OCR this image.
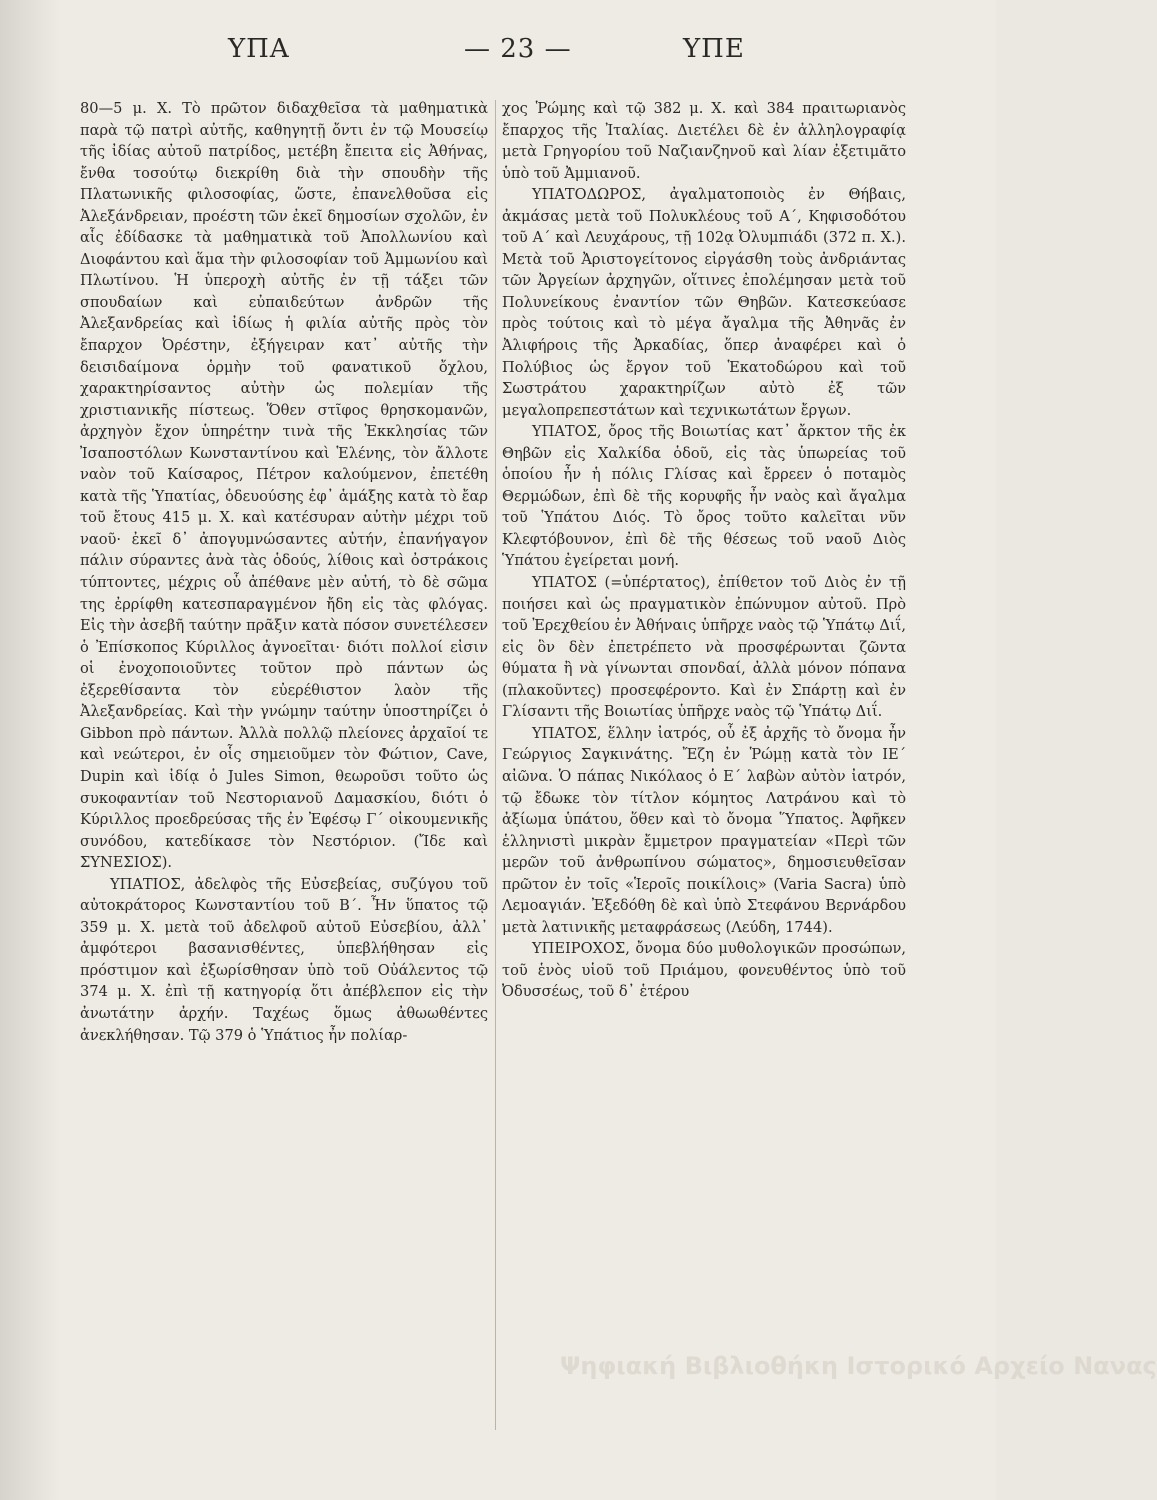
ΥΠΑ	— 23 —	ΥΠΕ

80—5 μ. Χ. Τὸ πρῶτον διδαχθεῖσα τὰ μαθηματικὰ παρὰ τῷ πατρὶ αὐτῆς, καθηγητῇ ὄντι ἐν τῷ Μουσείῳ τῆς ἰδίας αὐτοῦ πατρίδος, μετέβη ἔπειτα εἰς Ἀθήνας, ἔνθα τοσούτῳ διεκρίθη διὰ τὴν σπουδὴν τῆς Πλατωνικῆς φιλοσοφίας, ὥστε, ἐπανελθοῦσα εἰς Ἀλεξάνδρειαν, προέστη τῶν ἐκεῖ δημοσίων σχολῶν, ἐν αἷς ἐδίδασκε τὰ μαθηματικὰ τοῦ Ἀπολλωνίου καὶ Διοφάντου καὶ ἅμα τὴν φιλοσοφίαν τοῦ Ἀμμωνίου καὶ Πλωτίνου. Ἡ ὑπεροχὴ αὐτῆς ἐν τῇ τάξει τῶν σπουδαίων καὶ εὐπαιδεύτων ἀνδρῶν τῆς Ἀλεξανδρείας καὶ ἰδίως ἡ φιλία αὐτῆς πρὸς τὸν ἔπαρχον Ὀρέστην, ἐξήγειραν κατ᾽ αὐτῆς τὴν δεισιδαίμονα ὁρμὴν τοῦ φανατικοῦ ὄχλου, χαρακτηρίσαντος αὐτὴν ὡς πολεμίαν τῆς χριστιανικῆς πίστεως. Ὅθεν στῖφος θρησκομανῶν, ἀρχηγὸν ἔχον ὑπηρέτην τινὰ τῆς Ἐκκλησίας τῶν Ἰσαποστόλων Κωνσταντίνου καὶ Ἑλένης, τὸν ἄλλοτε ναὸν τοῦ Καίσαρος, Πέτρον καλούμενον, ἐπετέθη κατὰ τῆς Ὑπατίας, ὁδευούσης ἐφ᾽ ἁμάξης κατὰ τὸ ἔαρ τοῦ ἔτους 415 μ. Χ. καὶ κατέσυραν αὐτὴν μέχρι τοῦ ναοῦ· ἐκεῖ δ᾽ ἀπογυμνώσαντες αὐτήν, ἐπανήγαγον πάλιν σύραντες ἀνὰ τὰς ὁδούς, λίθοις καὶ ὀστράκοις τύπτοντες, μέχρις οὗ ἀπέθανε μὲν αὐτή, τὸ δὲ σῶμα της ἐρρίφθη κατεσπαραγμένον ἤδη εἰς τὰς φλόγας. Εἰς τὴν ἀσεβῆ ταύτην πρᾶξιν κατὰ πόσον συνετέλεσεν ὁ Ἐπίσκοπος Κύριλλος ἀγνοεῖται· διότι πολλοί εἰσιν οἱ ἐνοχοποιοῦντες τοῦτον πρὸ πάντων ὡς ἐξερεθίσαντα τὸν εὐερέθιστον λαὸν τῆς Ἀλεξανδρείας. Καὶ τὴν γνώμην ταύτην ὑποστηρίζει ὁ Gibbon πρὸ πάντων. Ἀλλὰ πολλῷ πλείονες ἀρχαῖοί τε καὶ νεώτεροι, ἐν οἷς σημειοῦμεν τὸν Φώτιον, Cave, Dupin καὶ ἰδίᾳ ὁ Jules Simon, θεωροῦσι τοῦτο ὡς συκοφαντίαν τοῦ Νεστοριανοῦ Δαμασκίου, διότι ὁ Κύριλλος προεδρεύσας τῆς ἐν Ἐφέσῳ Γ´ οἰκουμενικῆς συνόδου, κατεδίκασε τὸν Νεστόριον. (Ἴδε καὶ ΣΥΝΕΣΙΟΣ).

ΥΠΑΤΙΟΣ, ἀδελφὸς τῆς Εὐσεβείας, συζύγου τοῦ αὐτοκράτορος Κωνσταντίου τοῦ Β´. Ἦν ὕπατος τῷ 359 μ. Χ. μετὰ τοῦ ἀδελφοῦ αὐτοῦ Εὐσεβίου, ἀλλ᾽ ἀμφότεροι βασανισθέντες, ὑπεβλήθησαν εἰς πρόστιμον καὶ ἐξωρίσθησαν ὑπὸ τοῦ Οὐάλεντος τῷ 374 μ. Χ. ἐπὶ τῇ κατηγορίᾳ ὅτι ἀπέβλεπον εἰς τὴν ἀνωτάτην ἀρχήν. Ταχέως ὅμως ἀθωωθέντες ἀνεκλήθησαν. Τῷ 379 ὁ Ὑπάτιος ἦν πολίαρ-

χος Ῥώμης καὶ τῷ 382 μ. Χ. καὶ 384 πραιτωριανὸς ἔπαρχος τῆς Ἰταλίας. Διετέλει δὲ ἐν ἀλληλογραφίᾳ μετὰ Γρηγορίου τοῦ Ναζιανζηνοῦ καὶ λίαν ἐξετιμᾶτο ὑπὸ τοῦ Ἀμμιανοῦ.

ΥΠΑΤΟΔΩΡΟΣ, ἀγαλματοποιὸς ἐν Θήβαις, ἀκμάσας μετὰ τοῦ Πολυκλέους τοῦ Α´, Κηφισοδότου τοῦ Α´ καὶ Λευχάρους, τῇ 102ᾳ Ὀλυμπιάδι (372 π. Χ.). Μετὰ τοῦ Ἀριστογείτονος εἰργάσθη τοὺς ἀνδριάντας τῶν Ἀργείων ἀρχηγῶν, οἵτινες ἐπολέμησαν μετὰ τοῦ Πολυνείκους ἐναντίον τῶν Θηβῶν. Κατεσκεύασε πρὸς τούτοις καὶ τὸ μέγα ἄγαλμα τῆς Ἀθηνᾶς ἐν Ἀλιφήροις τῆς Ἀρκαδίας, ὅπερ ἀναφέρει καὶ ὁ Πολύβιος ὡς ἔργον τοῦ Ἑκατοδώρου καὶ τοῦ Σωστράτου χαρακτηρίζων αὐτὸ ἐξ τῶν μεγαλοπρεπεστάτων καὶ τεχνικωτάτων ἔργων.

ΥΠΑΤΟΣ, ὄρος τῆς Βοιωτίας κατ᾽ ἄρκτον τῆς ἐκ Θηβῶν εἰς Χαλκίδα ὁδοῦ, εἰς τὰς ὑπωρείας τοῦ ὁποίου ἦν ἡ πόλις Γλίσας καὶ ἔρρεεν ὁ ποταμὸς Θερμώδων, ἐπὶ δὲ τῆς κορυφῆς ἦν ναὸς καὶ ἄγαλμα τοῦ Ὑπάτου Διός. Τὸ ὄρος τοῦτο καλεῖται νῦν Κλεφτόβουνον, ἐπὶ δὲ τῆς θέσεως τοῦ ναοῦ Διὸς Ὑπάτου ἐγείρεται μονή.

ΥΠΑΤΟΣ (=ὑπέρτατος), ἐπίθετον τοῦ Διὸς ἐν τῇ ποιήσει καὶ ὡς πραγματικὸν ἐπώνυμον αὐτοῦ. Πρὸ τοῦ Ἐρεχθείου ἐν Ἀθήναις ὑπῆρχε ναὸς τῷ Ὑπάτῳ Διΐ, εἰς ὃν δὲν ἐπετρέπετο νὰ προσφέρωνται ζῶντα θύματα ἢ νὰ γίνωνται σπονδαί, ἀλλὰ μόνον πόπανα (πλακοῦντες) προσεφέροντο. Καὶ ἐν Σπάρτῃ καὶ ἐν Γλίσαντι τῆς Βοιωτίας ὑπῆρχε ναὸς τῷ Ὑπάτῳ Διΐ.

ΥΠΑΤΟΣ, ἕλλην ἰατρός, οὗ ἐξ ἀρχῆς τὸ ὄνομα ἦν Γεώργιος Σαγκινάτης. Ἔζη ἐν Ῥώμῃ κατὰ τὸν ΙΕ´ αἰῶνα. Ὁ πάπας Νικόλαος ὁ Ε´ λαβὼν αὐτὸν ἰατρόν, τῷ ἔδωκε τὸν τίτλον κόμητος Λατράνου καὶ τὸ ἀξίωμα ὑπάτου, ὅθεν καὶ τὸ ὄνομα Ὕπατος. Ἀφῆκεν ἑλληνιστὶ μικρὰν ἔμμετρον πραγματείαν «Περὶ τῶν μερῶν τοῦ ἀνθρωπίνου σώματος», δημοσιευθεῖσαν πρῶτον ἐν τοῖς «Ἱεροῖς ποικίλοις» (Varia Sacra) ὑπὸ Λεμοαγιάν. Ἐξεδόθη δὲ καὶ ὑπὸ Στεφάνου Βερνάρδου μετὰ λατινικῆς μεταφράσεως (Λεύδη, 1744).

ΥΠΕΙΡΟΧΟΣ, ὄνομα δύο μυθολογικῶν προσώπων, τοῦ ἑνὸς υἱοῦ τοῦ Πριάμου, φονευθέντος ὑπὸ τοῦ Ὀδυσσέως, τοῦ δ᾽ ἑτέρου

Ψηφιακή Βιβλιοθήκη Ιστορικό Αρχείο Νανας
